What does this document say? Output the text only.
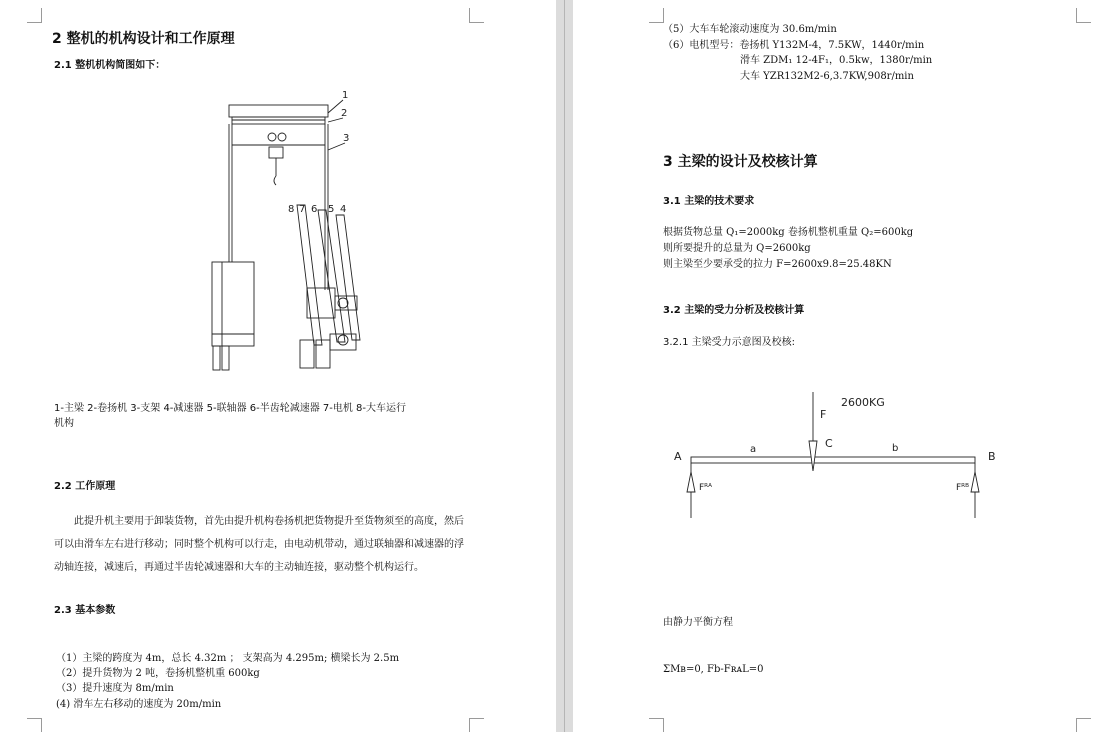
2 整机的机构设计和工作原理
2.1 整机机构简图如下：
1
2
3
8 7 6 5 4
1-主梁 2-卷扬机 3-支架 4-减速器 5-联轴器 6-半齿轮减速器 7-电机 8-大车运行
机构
2.2 工作原理
此提升机主要用于卸装货物，首先由提升机构卷扬机把货物提升至货物须至的高度，然后可以由滑车左右进行移动；同时整个机构可以行走，由电动机带动，通过联轴器和减速器的浮动轴连接，减速后，再通过半齿轮减速器和大车的主动轴连接，驱动整个机构运行。
2.3 基本参数
（1）主梁的跨度为 4m，总长 4.32m ； 支架高为 4.295m; 横梁长为 2.5m
（2）提升货物为 2 吨，卷扬机整机重 600kg
（3）提升速度为 8m/min
(4) 滑车左右移动的速度为 20m/min
（5）大车车轮滚动速度为 30.6m/min
（6）电机型号：卷扬机 Y132M-4，7.5KW，1440r/min
滑车 ZDM₁ 12-4F₁，0.5kw，1380r/min
大车 YZR132M2-6,3.7KW,908r/min
3 主梁的设计及校核计算
3.1 主梁的技术要求
根据货物总量 Q₁=2000kg 卷扬机整机重量 Q₂=600kg
则所要提升的总量为 Q=2600kg
则主梁至少要承受的拉力 F=2600x9.8=25.48KN
3.2 主梁的受力分析及校核计算
3.2.1 主梁受力示意图及校核:
2600KG
F
C
A	B
a	b
Fᴿᴬ	Fᴿᴮ
由静力平衡方程
ΣMʙ=0, Fb-FʀᴀL=0
